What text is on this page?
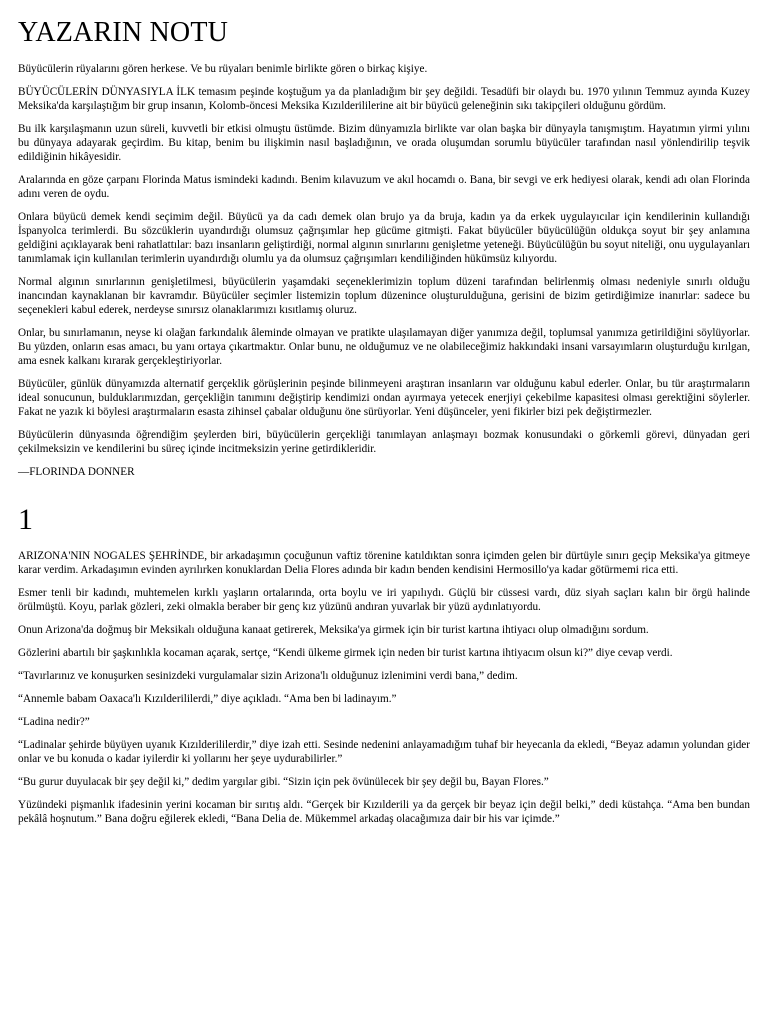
YAZARIN NOTU

Büyücülerin rüyalarını gören herkese. Ve bu rüyaları benimle birlikte gören o birkaç kişiye.

BÜYÜCÜLERİN DÜNYASIYLA İLK temasım peşinde koştuğum ya da planladığım bir şey değildi. Tesadüfi bir olaydı bu. 1970 yılının Temmuz ayında Kuzey Meksika'da karşılaştığım bir grup insanın, Kolomb-öncesi Meksika Kızılderililerine ait bir büyücü geleneğinin sıkı takipçileri olduğunu gördüm.

Bu ilk karşılaşmanın uzun süreli, kuvvetli bir etkisi olmuştu üstümde. Bizim dünyamızla birlikte var olan başka bir dünyayla tanışmıştım. Hayatımın yirmi yılını bu dünyaya adayarak geçirdim. Bu kitap, benim bu ilişkimin nasıl başladığının, ve orada oluşumdan sorumlu büyücüler tarafından nasıl yönlendirilip teşvik edildiğinin hikâyesidir.

Aralarında en göze çarpanı Florinda Matus ismindeki kadındı. Benim kılavuzum ve akıl hocamdı o. Bana, bir sevgi ve erk hediyesi olarak, kendi adı olan Florinda adını veren de oydu.

Onlara büyücü demek kendi seçimim değil. Büyücü ya da cadı demek olan brujo ya da bruja, kadın ya da erkek uygulayıcılar için kendilerinin kullandığı İspanyolca terimlerdi. Bu sözcüklerin uyandırdığı olumsuz çağrışımlar hep gücüme gitmişti. Fakat büyücüler büyücülüğün oldukça soyut bir şey anlamına geldiğini açıklayarak beni rahatlattılar: bazı insanların geliştirdiği, normal algının sınırlarını genişletme yeteneği. Büyücülüğün bu soyut niteliği, onu uygulayanları tanımlamak için kullanılan terimlerin uyandırdığı olumlu ya da olumsuz çağrışımları kendiliğinden hükümsüz kılıyordu.

Normal algının sınırlarının genişletilmesi, büyücülerin yaşamdaki seçeneklerimizin toplum düzeni tarafından belirlenmiş olması nedeniyle sınırlı olduğu inancından kaynaklanan bir kavramdır. Büyücüler seçimler listemizin toplum düzenince oluşturulduğuna, gerisini de bizim getirdiğimize inanırlar: sadece bu seçenekleri kabul ederek, nerdeyse sınırsız olanaklarımızı kısıtlamış oluruz.

Onlar, bu sınırlamanın, neyse ki olağan farkındalık âleminde olmayan ve pratikte ulaşılamayan diğer yanımıza değil, toplumsal yanımıza getirildiğini söylüyorlar. Bu yüzden, onların esas amacı, bu yanı ortaya çıkartmaktır. Onlar bunu, ne olduğumuz ve ne olabileceğimiz hakkındaki insani varsayımların oluşturduğu kırılgan, ama esnek kalkanı kırarak gerçekleştiriyorlar.

Büyücüler, günlük dünyamızda alternatif gerçeklik görüşlerinin peşinde bilinmeyeni araştıran insanların var olduğunu kabul ederler. Onlar, bu tür araştırmaların ideal sonucunun, bulduklarımızdan, gerçekliğin tanımını değiştirip kendimizi ondan ayırmaya yetecek enerjiyi çekebilme kapasitesi olması gerektiğini söylerler. Fakat ne yazık ki böylesi araştırmaların esasta zihinsel çabalar olduğunu öne sürüyorlar. Yeni düşünceler, yeni fikirler bizi pek değiştirmezler.

Büyücülerin dünyasında öğrendiğim şeylerden biri, büyücülerin gerçekliği tanımlayan anlaşmayı bozmak konusundaki o görkemli görevi, dünyadan geri çekilmeksizin ve kendilerini bu süreç içinde incitmeksizin yerine getirdikleridir.

—FLORINDA DONNER

1

ARIZONA'NIN NOGALES ŞEHRİNDE, bir arkadaşımın çocuğunun vaftiz törenine katıldıktan sonra içimden gelen bir dürtüyle sınırı geçip Meksika'ya gitmeye karar verdim. Arkadaşımın evinden ayrılırken konuklardan Delia Flores adında bir kadın benden kendisini Hermosillo'ya kadar götürmemi rica etti.

Esmer tenli bir kadındı, muhtemelen kırklı yaşların ortalarında, orta boylu ve iri yapılıydı. Güçlü bir cüssesi vardı, düz siyah saçları kalın bir örgü halinde örülmüştü. Koyu, parlak gözleri, zeki olmakla beraber bir genç kız yüzünü andıran yuvarlak bir yüzü aydınlatıyordu.

Onun Arizona'da doğmuş bir Meksikalı olduğuna kanaat getirerek, Meksika'ya girmek için bir turist kartına ihtiyacı olup olmadığını sordum.

Gözlerini abartılı bir şaşkınlıkla kocaman açarak, sertçe, “Kendi ülkeme girmek için neden bir turist kartına ihtiyacım olsun ki?” diye cevap verdi.

“Tavırlarınız ve konuşurken sesinizdeki vurgulamalar sizin Arizona'lı olduğunuz izlenimini verdi bana,” dedim.

“Annemle babam Oaxaca'lı Kızılderililerdi,” diye açıkladı. “Ama ben bi ladinayım.”

“Ladina nedir?”

“Ladinalar şehirde büyüyen uyanık Kızılderililerdir,” diye izah etti. Sesinde nedenini anlayamadığım tuhaf bir heyecanla da ekledi, “Beyaz adamın yolundan gider onlar ve bu konuda o kadar iyilerdir ki yollarını her şeye uydurabilirler.”

“Bu gurur duyulacak bir şey değil ki,” dedim yargılar gibi. “Sizin için pek övünülecek bir şey değil bu, Bayan Flores.”

Yüzündeki pişmanlık ifadesinin yerini kocaman bir sırıtış aldı. “Gerçek bir Kızılderili ya da gerçek bir beyaz için değil belki,” dedi küstahça. “Ama ben bundan pekâlâ hoşnutum.” Bana doğru eğilerek ekledi, “Bana Delia de. Mükemmel arkadaş olacağımıza dair bir his var içimde.”
